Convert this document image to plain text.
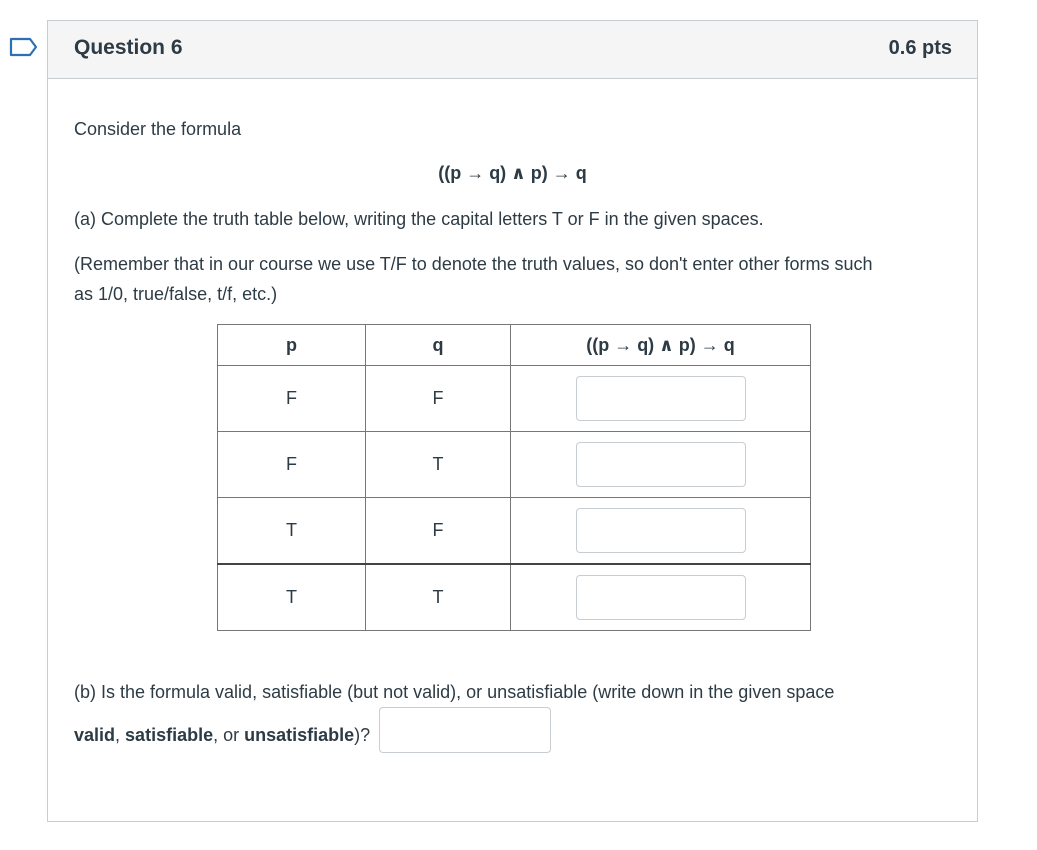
Question 6	0.6 pts
Consider the formula
((p → q) ∧ p) → q
(a) Complete the truth table below, writing the capital letters T or F in the given spaces.
(Remember that in our course we use T/F to denote the truth values, so don't enter other forms such
as 1/0, true/false, t/f, etc.)
p	q	((p → q) ∧ p) → q
F	F	
F	T	
T	F	
T	T	
(b) Is the formula valid, satisfiable (but not valid), or unsatisfiable (write down in the given space
valid, satisfiable, or unsatisfiable)?
